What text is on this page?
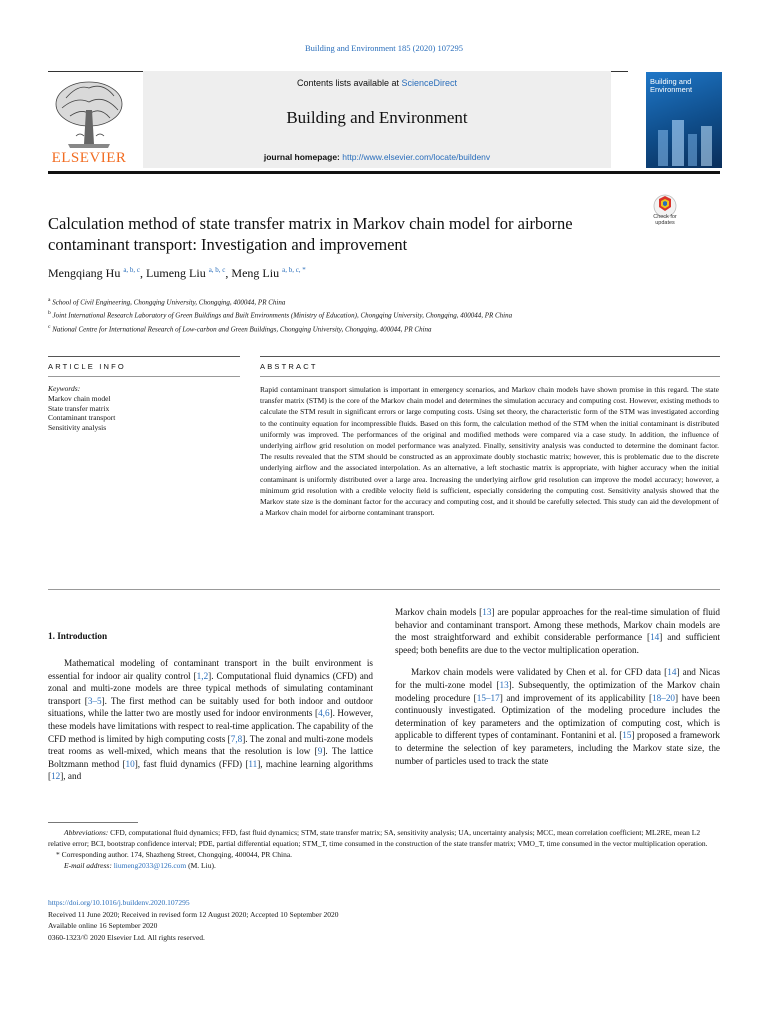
Building and Environment 185 (2020) 107295
Contents lists available at ScienceDirect
Building and Environment
journal homepage: http://www.elsevier.com/locate/buildenv
ELSEVIER
Building and Environment
Check for updates
Calculation method of state transfer matrix in Markov chain model for airborne contaminant transport: Investigation and improvement
Mengqiang Hu $^{a, b, c}$, Lumeng Liu $^{a, b, c}$, Meng Liu $^{a, b, c, *}$
$^a$ School of Civil Engineering, Chongqing University, Chongqing, 400044, PR China
$^b$ Joint International Research Laboratory of Green Buildings and Built Environments (Ministry of Education), Chongqing University, Chongqing, 400044, PR China
$^c$ National Centre for International Research of Low-carbon and Green Buildings, Chongqing University, Chongqing, 400044, PR China
ARTICLE INFO	ABSTRACT
Keywords:
Markov chain model
State transfer matrix
Contaminant transport
Sensitivity analysis
Rapid contaminant transport simulation is important in emergency scenarios, and Markov chain models have shown promise in this regard. The state transfer matrix (STM) is the core of the Markov chain model and determines the simulation accuracy and computing cost. However, existing methods to calculate the STM result in significant errors or large computing costs. Using set theory, the characteristic form of the STM was investigated according to the continuity equation for incompressible fluids. Based on this form, the calculation method of the STM when the initial contaminant is distributed uniformly was improved. The performances of the original and modified methods were compared via a case study. In addition, the influence of underlying airflow grid resolution on model performance was analyzed. Finally, sensitivity analysis was conducted to determine the dominant factor. The results revealed that the STM should be constructed as an approximate doubly stochastic matrix; however, this is problematic due to the discrete underlying airflow and the associated interpolation. As an alternative, a left stochastic matrix is appropriate, with higher accuracy when the initial contaminant is uniformly distributed over a large area. Increasing the underlying airflow grid resolution can improve the model accuracy; however, a minimum grid resolution with a credible velocity field is sufficient, especially considering the computing cost. Sensitivity analysis showed that the Markov state size is the dominant factor for the accuracy and computing cost, and it should be carefully selected. This study can aid the development of a Markov chain model for airborne contaminant transport.
1. Introduction

Mathematical modeling of contaminant transport in the built environment is essential for indoor air quality control [1,2]. Computational fluid dynamics (CFD) and zonal and multi-zone models are three typical methods of simulating contaminant transport [3–5]. The first method can be suitably used for both indoor and outdoor situations, while the latter two are mostly used for indoor environments [4,6]. However, these models have limitations with respect to real-time application. The capability of the CFD method is limited by high computing costs [7,8]. The zonal and multi-zone models treat rooms as well-mixed, which means that the resolution is low [9]. The lattice Boltzmann method [10], fast fluid dynamics (FFD) [11], machine learning algorithms [12], and

Markov chain models [13] are popular approaches for the real-time simulation of fluid behavior and contaminant transport. Among these methods, Markov chain models are the most straightforward and exhibit considerable performance [14] and sufficient speed; both benefits are due to the vector multiplication operation.

Markov chain models were validated by Chen et al. for CFD data [14] and Nicas for the multi-zone model [13]. Subsequently, the optimization of the Markov chain modeling procedure [15–17] and improvement of its applicability [18–20] have been continuously investigated. Optimization of the modeling procedure includes the determination of key parameters and the optimization of computing cost, which is applicable to different types of contaminant. Fontanini et al. [15] proposed a framework to determine the selection of key parameters, including the Markov state size, the number of particles used to track the state

Abbreviations: CFD, computational fluid dynamics; FFD, fast fluid dynamics; STM, state transfer matrix; SA, sensitivity analysis; UA, uncertainty analysis; MCC, mean correlation coefficient; ML2RE, mean L2 relative error; BCI, bootstrap confidence interval; PDE, partial differential equation; STM_T, time consumed in the construction of the state transfer matrix; VMO_T, time consumed in the vector multiplication operation.
* Corresponding author. 174, Shazheng Street, Chongqing, 400044, PR China.
E-mail address: liumeng2033@126.com (M. Liu).
https://doi.org/10.1016/j.buildenv.2020.107295
Received 11 June 2020; Received in revised form 12 August 2020; Accepted 10 September 2020
Available online 16 September 2020
0360-1323/© 2020 Elsevier Ltd. All rights reserved.
